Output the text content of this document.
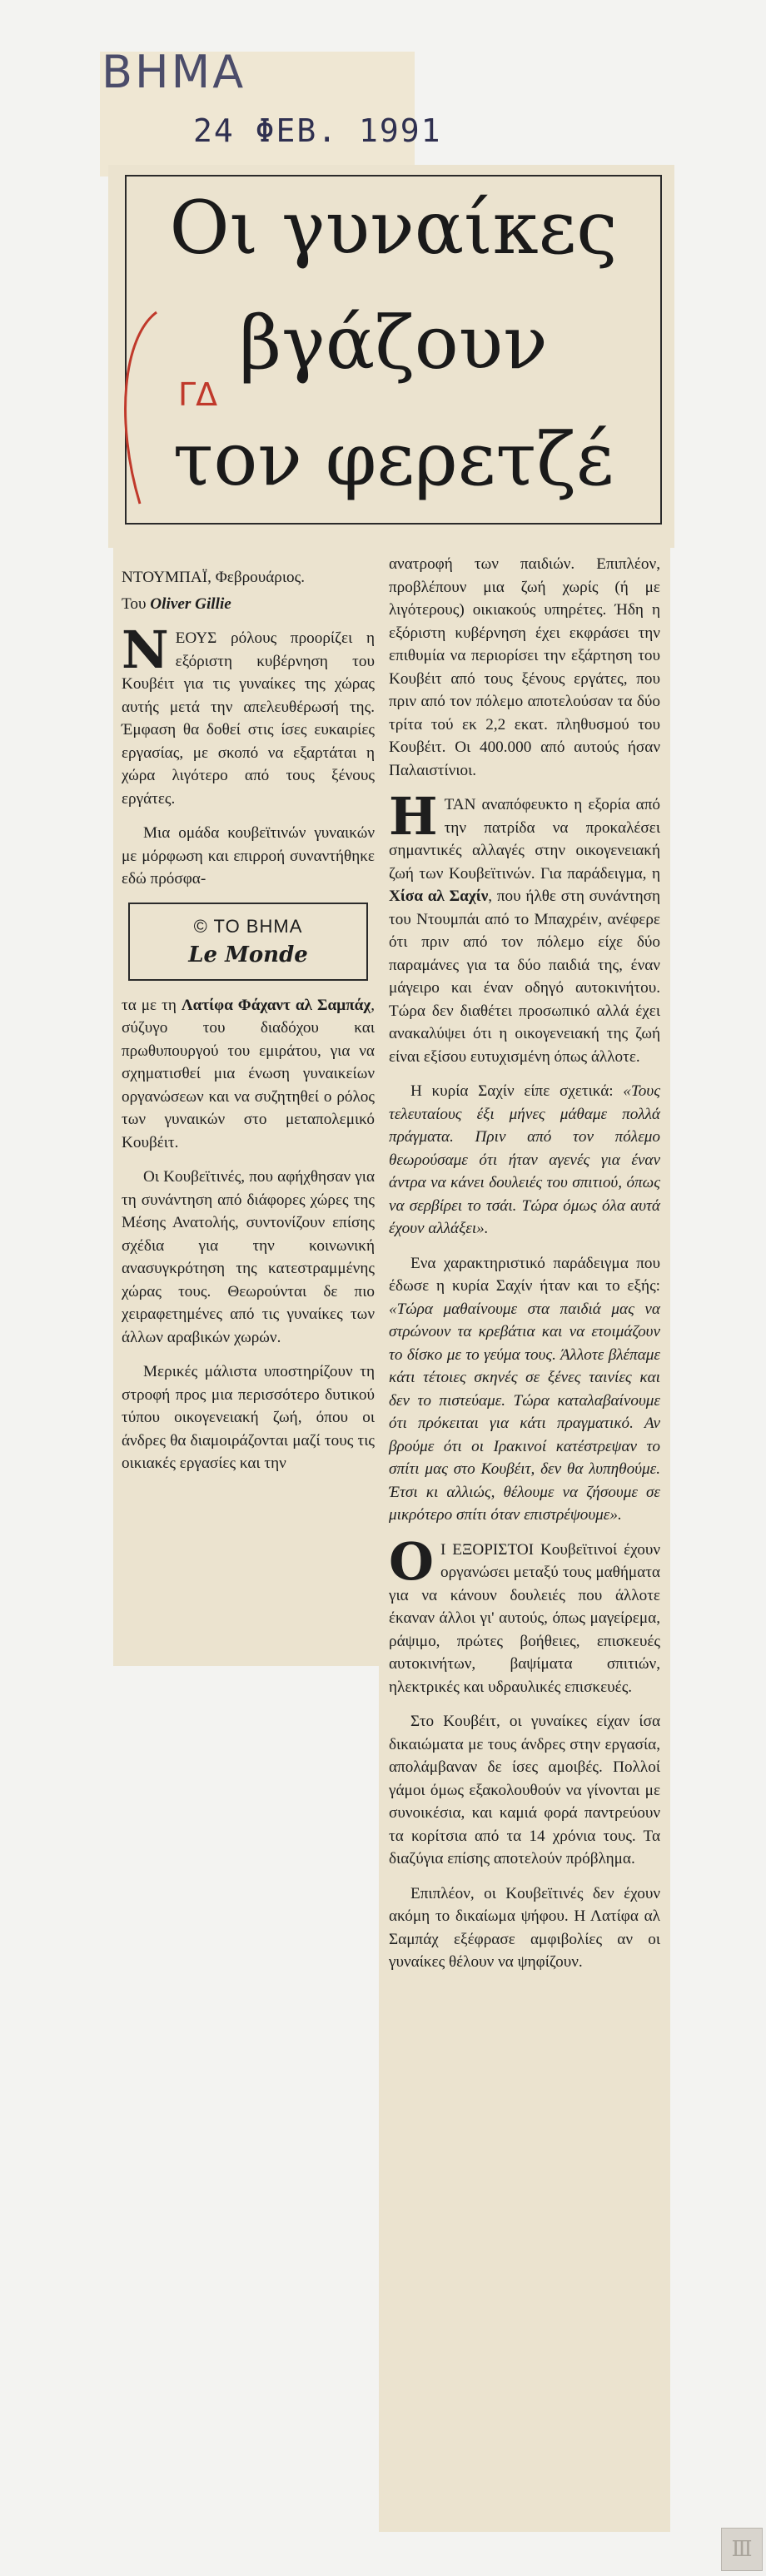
ΒΗΜΑ
24 ΦΕΒ. 1991
Οι γυναίκες
βγάζουν
τον φερετζέ
ΓΔ

ΝΤΟΥΜΠΑΪ, Φεβρουάριος.

Του Oliver Gillie

ΝΕΟΥΣ ρόλους προορίζει η εξόριστη κυβέρνηση του Κουβέιτ για τις γυναίκες της χώρας αυτής μετά την απελευθέρωσή της. Έμφαση θα δοθεί στις ίσες ευκαιρίες εργασίας, με σκοπό να εξαρτάται η χώρα λιγότερο από τους ξένους εργάτες.

Μια ομάδα κουβεϊτινών γυναικών με μόρφωση και επιρροή συναντήθηκε εδώ πρόσφα-

© ΤΟ ΒΗΜΑ
Le Monde

τα με τη Λατίφα Φάχαντ αλ Σαμπάχ, σύζυγο του διαδόχου και πρωθυπουργού του εμιράτου, για να σχηματισθεί μια ένωση γυναικείων οργανώσεων και να συζητηθεί ο ρόλος των γυναικών στο μεταπολεμικό Κουβέιτ.

Οι Κουβεϊτινές, που αφήχθησαν για τη συνάντηση από διάφορες χώρες της Μέσης Ανατολής, συντονίζουν επίσης σχέδια για την κοινωνική ανασυγκρότηση της κατεστραμμένης χώρας τους. Θεωρούνται δε πιο χειραφετημένες από τις γυναίκες των άλλων αραβικών χωρών.

Μερικές μάλιστα υποστηρίζουν τη στροφή προς μια περισσότερο δυτικού τύπου οικογενειακή ζωή, όπου οι άνδρες θα διαμοιράζονται μαζί τους τις οικιακές εργασίες και την

ανατροφή των παιδιών. Επιπλέον, προβλέπουν μια ζωή χωρίς (ή με λιγότερους) οικιακούς υπηρέτες. Ήδη η εξόριστη κυβέρνηση έχει εκφράσει την επιθυμία να περιορίσει την εξάρτηση του Κουβέιτ από τους ξένους εργάτες, που πριν από τον πόλεμο αποτελούσαν τα δύο τρίτα τού εκ 2,2 εκατ. πληθυσμού του Κουβέιτ. Οι 400.000 από αυτούς ήσαν Παλαιστίνιοι.

ΗΤΑΝ αναπόφευκτο η εξορία από την πατρίδα να προκαλέσει σημαντικές αλλαγές στην οικογενειακή ζωή των Κουβεϊτινών. Για παράδειγμα, η Χίσα αλ Σαχίν, που ήλθε στη συνάντηση του Ντουμπάι από το Μπαχρέιν, ανέφερε ότι πριν από τον πόλεμο είχε δύο παραμάνες για τα δύο παιδιά της, έναν μάγειρο και έναν οδηγό αυτοκινήτου. Τώρα δεν διαθέτει προσωπικό αλλά έχει ανακαλύψει ότι η οικογενειακή της ζωή είναι εξίσου ευτυχισμένη όπως άλλοτε.

Η κυρία Σαχίν είπε σχετικά: «Τους τελευταίους έξι μήνες μάθαμε πολλά πράγματα. Πριν από τον πόλεμο θεωρούσαμε ότι ήταν αγενές για έναν άντρα να κάνει δουλειές του σπιτιού, όπως να σερβίρει το τσάι. Τώρα όμως όλα αυτά έχουν αλλάξει».

Ενα χαρακτηριστικό παράδειγμα που έδωσε η κυρία Σαχίν ήταν και το εξής: «Τώρα μαθαίνουμε στα παιδιά μας να στρώνουν τα κρεβάτια και να ετοιμάζουν το δίσκο με το γεύμα τους. Άλλοτε βλέπαμε κάτι τέτοιες σκηνές σε ξένες ταινίες και δεν το πιστεύαμε. Τώρα καταλαβαίνουμε ότι πρόκειται για κάτι πραγματικό. Αν βρούμε ότι οι Ιρακινοί κατέστρεψαν το σπίτι μας στο Κουβέιτ, δεν θα λυπηθούμε. Έτσι κι αλλιώς, θέλουμε να ζήσουμε σε μικρότερο σπίτι όταν επιστρέψουμε».

Ο Ι ΕΞΟΡΙΣΤΟΙ Κουβεϊτινοί έχουν οργανώσει μεταξύ τους μαθήματα για να κάνουν δουλειές που άλλοτε έκαναν άλλοι γι' αυτούς, όπως μαγείρεμα, ράψιμο, πρώτες βοήθειες, επισκευές αυτοκινήτων, βαψίματα σπιτιών, ηλεκτρικές και υδραυλικές επισκευές.

Στο Κουβέιτ, οι γυναίκες είχαν ίσα δικαιώματα με τους άνδρες στην εργασία, απολάμβαναν δε ίσες αμοιβές. Πολλοί γάμοι όμως εξακολουθούν να γίνονται με συνοικέσια, και καμιά φορά παντρεύουν τα κορίτσια από τα 14 χρόνια τους. Τα διαζύγια επίσης αποτελούν πρόβλημα.

Επιπλέον, οι Κουβεϊτινές δεν έχουν ακόμη το δικαίωμα ψήφου. Η Λατίφα αλ Σαμπάχ εξέφρασε αμφιβολίες αν οι γυναίκες θέλουν να ψηφίζουν.

Ⅲ
